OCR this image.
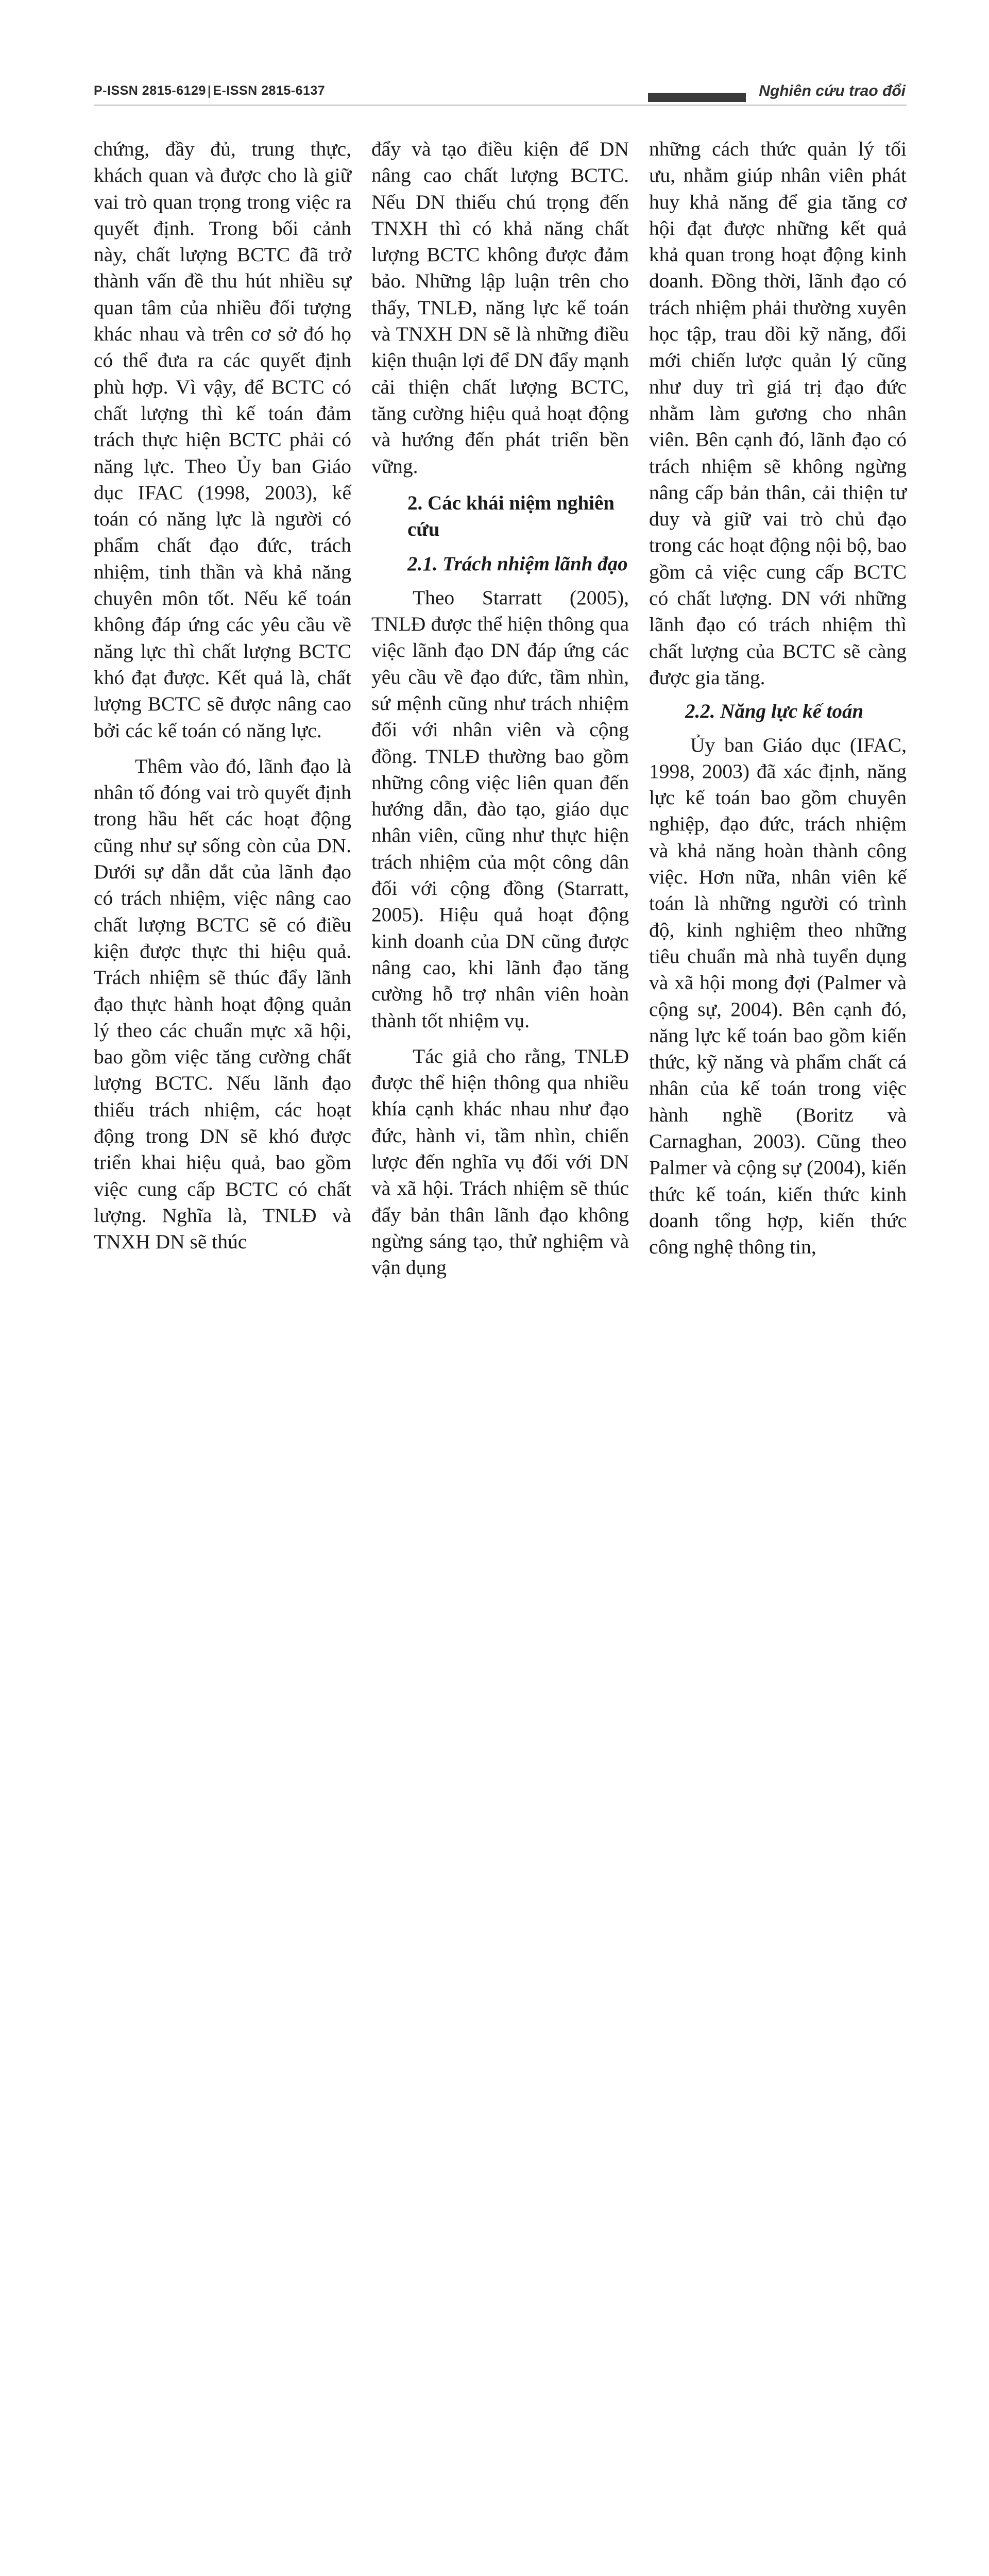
P-ISSN 2815-6129 | E-ISSN 2815-6137	Nghiên cứu trao đổi

chứng, đầy đủ, trung thực, khách quan và được cho là giữ vai trò quan trọng trong việc ra quyết định. Trong bối cảnh này, chất lượng BCTC đã trở thành vấn đề thu hút nhiều sự quan tâm của nhiều đối tượng khác nhau và trên cơ sở đó họ có thể đưa ra các quyết định phù hợp. Vì vậy, để BCTC có chất lượng thì kế toán đảm trách thực hiện BCTC phải có năng lực. Theo Ủy ban Giáo dục IFAC (1998, 2003), kế toán có năng lực là người có phẩm chất đạo đức, trách nhiệm, tinh thần và khả năng chuyên môn tốt. Nếu kế toán không đáp ứng các yêu cầu về năng lực thì chất lượng BCTC khó đạt được. Kết quả là, chất lượng BCTC sẽ được nâng cao bởi các kế toán có năng lực.

Thêm vào đó, lãnh đạo là nhân tố đóng vai trò quyết định trong hầu hết các hoạt động cũng như sự sống còn của DN. Dưới sự dẫn dắt của lãnh đạo có trách nhiệm, việc nâng cao chất lượng BCTC sẽ có điều kiện được thực thi hiệu quả. Trách nhiệm sẽ thúc đẩy lãnh đạo thực hành hoạt động quản lý theo các chuẩn mực xã hội, bao gồm việc tăng cường chất lượng BCTC. Nếu lãnh đạo thiếu trách nhiệm, các hoạt động trong DN sẽ khó được triển khai hiệu quả, bao gồm việc cung cấp BCTC có chất lượng. Nghĩa là, TNLĐ và TNXH DN sẽ thúc

đẩy và tạo điều kiện để DN nâng cao chất lượng BCTC. Nếu DN thiếu chú trọng đến TNXH thì có khả năng chất lượng BCTC không được đảm bảo. Những lập luận trên cho thấy, TNLĐ, năng lực kế toán và TNXH DN sẽ là những điều kiện thuận lợi để DN đẩy mạnh cải thiện chất lượng BCTC, tăng cường hiệu quả hoạt động và hướng đến phát triển bền vững.

2. Các khái niệm nghiên cứu
2.1. Trách nhiệm lãnh đạo

Theo Starratt (2005), TNLĐ được thể hiện thông qua việc lãnh đạo DN đáp ứng các yêu cầu về đạo đức, tầm nhìn, sứ mệnh cũng như trách nhiệm đối với nhân viên và cộng đồng. TNLĐ thường bao gồm những công việc liên quan đến hướng dẫn, đào tạo, giáo dục nhân viên, cũng như thực hiện trách nhiệm của một công dân đối với cộng đồng (Starratt, 2005). Hiệu quả hoạt động kinh doanh của DN cũng được nâng cao, khi lãnh đạo tăng cường hỗ trợ nhân viên hoàn thành tốt nhiệm vụ.

Tác giả cho rằng, TNLĐ được thể hiện thông qua nhiều khía cạnh khác nhau như đạo đức, hành vi, tầm nhìn, chiến lược đến nghĩa vụ đối với DN và xã hội. Trách nhiệm sẽ thúc đẩy bản thân lãnh đạo không ngừng sáng tạo, thử nghiệm và vận dụng

những cách thức quản lý tối ưu, nhằm giúp nhân viên phát huy khả năng để gia tăng cơ hội đạt được những kết quả khả quan trong hoạt động kinh doanh. Đồng thời, lãnh đạo có trách nhiệm phải thường xuyên học tập, trau dồi kỹ năng, đổi mới chiến lược quản lý cũng như duy trì giá trị đạo đức nhằm làm gương cho nhân viên. Bên cạnh đó, lãnh đạo có trách nhiệm sẽ không ngừng nâng cấp bản thân, cải thiện tư duy và giữ vai trò chủ đạo trong các hoạt động nội bộ, bao gồm cả việc cung cấp BCTC có chất lượng. DN với những lãnh đạo có trách nhiệm thì chất lượng của BCTC sẽ càng được gia tăng.

2.2. Năng lực kế toán

Ủy ban Giáo dục (IFAC, 1998, 2003) đã xác định, năng lực kế toán bao gồm chuyên nghiệp, đạo đức, trách nhiệm và khả năng hoàn thành công việc. Hơn nữa, nhân viên kế toán là những người có trình độ, kinh nghiệm theo những tiêu chuẩn mà nhà tuyển dụng và xã hội mong đợi (Palmer và cộng sự, 2004). Bên cạnh đó, năng lực kế toán bao gồm kiến thức, kỹ năng và phẩm chất cá nhân của kế toán trong việc hành nghề (Boritz và Carnaghan, 2003). Cũng theo Palmer và cộng sự (2004), kiến thức kế toán, kiến thức kinh doanh tổng hợp, kiến thức công nghệ thông tin,
